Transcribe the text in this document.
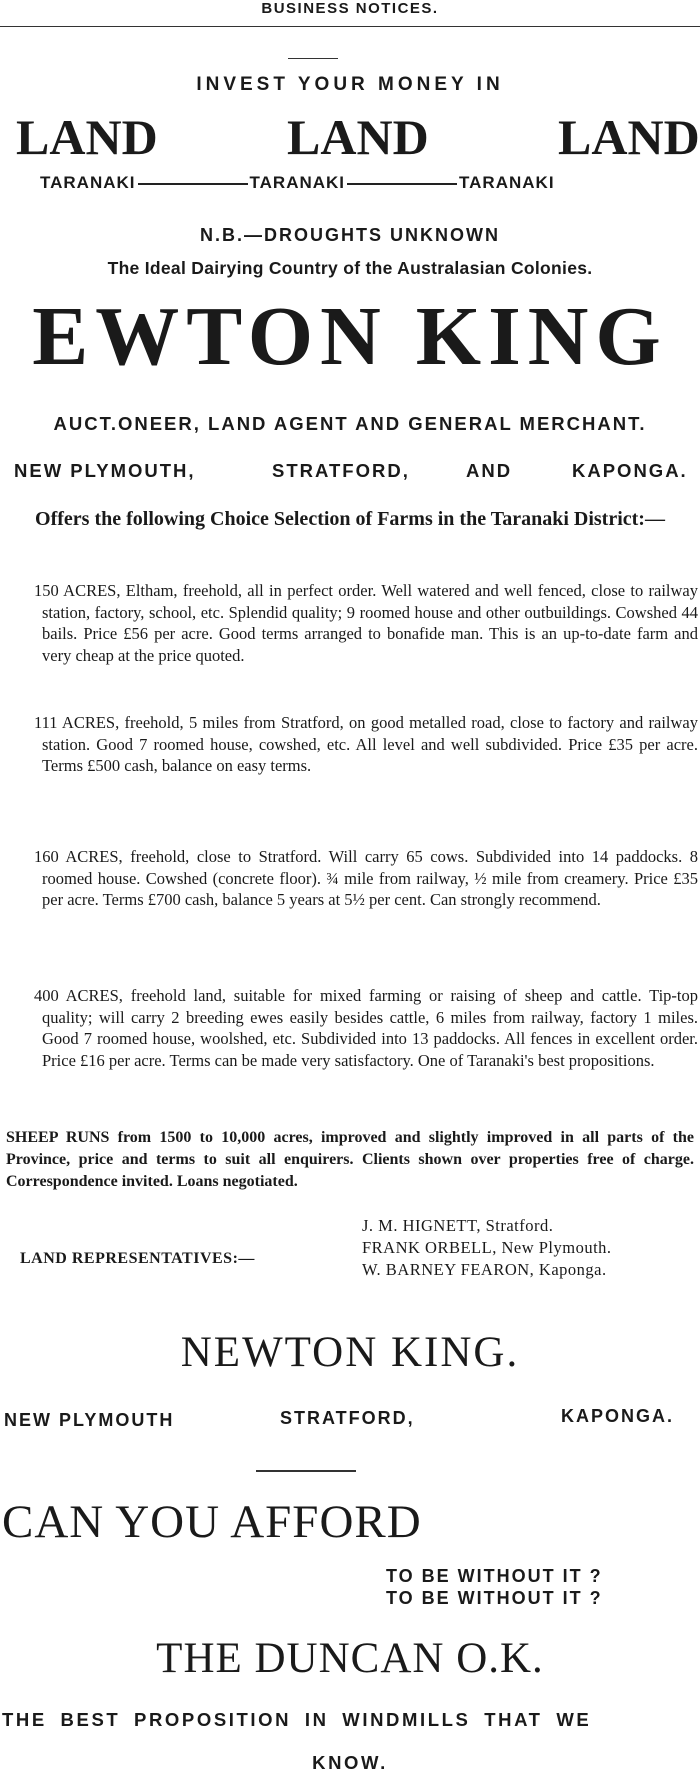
BUSINESS NOTICES.
INVEST YOUR MONEY IN
LAND	LAND	LAND
TARANAKI	TARANAKI	TARANAKI
N.B.—DROUGHTS UNKNOWN
The Ideal Dairying Country of the Australasian Colonies.
EWTON KING
AUCT.ONEER, LAND AGENT AND GENERAL MERCHANT.
NEW PLYMOUTH,	STRATFORD,	AND	KAPONGA.
Offers the following Choice Selection of Farms in the Taranaki District:—
150 ACRES, Eltham, freehold, all in perfect order. Well watered and well fenced, close to railway station, factory, school, etc. Splendid quality; 9 roomed house and other outbuildings. Cowshed 44 bails. Price £56 per acre. Good terms arranged to bonafide man. This is an up-to-date farm and very cheap at the price quoted.
111 ACRES, freehold, 5 miles from Stratford, on good metalled road, close to factory and railway station. Good 7 roomed house, cowshed, etc. All level and well subdivided. Price £35 per acre. Terms £500 cash, balance on easy terms.
160 ACRES, freehold, close to Stratford. Will carry 65 cows. Subdivided into 14 paddocks. 8 roomed house. Cowshed (concrete floor). ¾ mile from railway, ½ mile from creamery. Price £35 per acre. Terms £700 cash, balance 5 years at 5½ per cent. Can strongly recommend.
400 ACRES, freehold land, suitable for mixed farming or raising of sheep and cattle. Tip-top quality; will carry 2 breeding ewes easily besides cattle, 6 miles from railway, factory 1 miles. Good 7 roomed house, woolshed, etc. Subdivided into 13 paddocks. All fences in excellent order. Price £16 per acre. Terms can be made very satisfactory. One of Taranaki's best propositions.
SHEEP RUNS from 1500 to 10,000 acres, improved and slightly improved in all parts of the Province, price and terms to suit all enquirers. Clients shown over properties free of charge. Correspondence invited. Loans negotiated.
LAND REPRESENTATIVES:—
J. M. HIGNETT, Stratford.
FRANK ORBELL, New Plymouth.
W. BARNEY FEARON, Kaponga.
NEWTON KING.
NEW PLYMOUTH	STRATFORD,	KAPONGA.
CAN YOU AFFORD
TO BE WITHOUT IT ?
TO BE WITHOUT IT ?
THE DUNCAN O.K.
THE BEST PROPOSITION IN WINDMILLS THAT WE
KNOW.
